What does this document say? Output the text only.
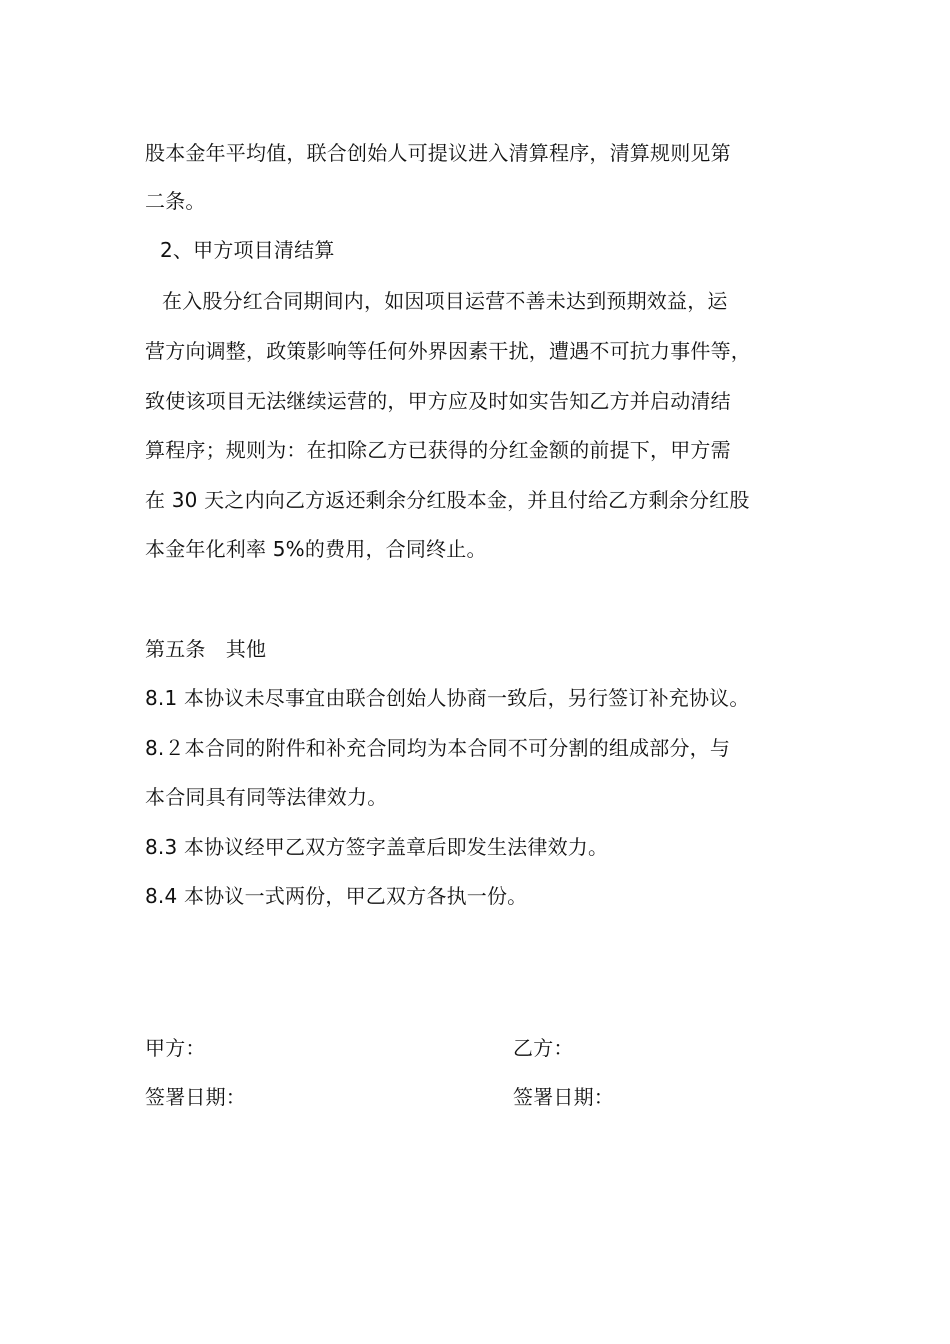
股本金年平均值，联合创始人可提议进入清算程序，清算规则见第
二条。
2、甲方项目清结算
在入股分红合同期间内，如因项目运营不善未达到预期效益，运
营方向调整，政策影响等任何外界因素干扰，遭遇不可抗力事件等，
致使该项目无法继续运营的，甲方应及时如实告知乙方并启动清结
算程序；规则为：在扣除乙方已获得的分红金额的前提下，甲方需
在 30 天之内向乙方返还剩余分红股本金，并且付给乙方剩余分红股
本金年化利率 5%的费用，合同终止。
第五条　其他
8.1 本协议未尽事宜由联合创始人协商一致后，另行签订补充协议。
8.２本合同的附件和补充合同均为本合同不可分割的组成部分，与
本合同具有同等法律效力。
8.3 本协议经甲乙双方签字盖章后即发生法律效力。
8.4 本协议一式两份，甲乙双方各执一份。
甲方：	乙方：
签署日期：	签署日期：
